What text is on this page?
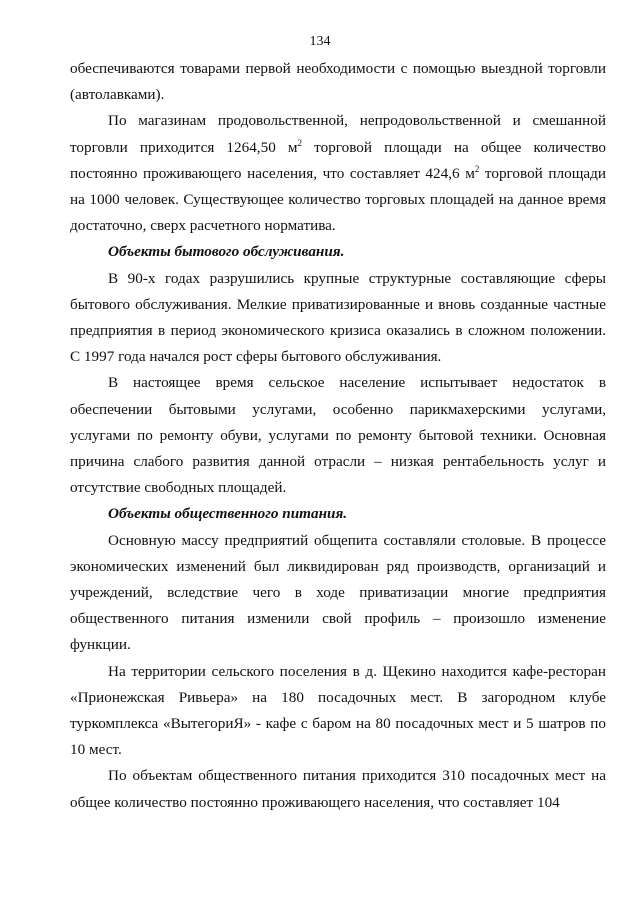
134

обеспечиваются товарами первой необходимости с помощью выездной торговли (автолавками).

По магазинам продовольственной, непродовольственной и смешанной торговли приходится 1264,50 $м^2$ торговой площади на общее количество постоянно проживающего населения, что составляет 424,6 $м^2$ торговой площади на 1000 человек. Существующее количество торговых площадей на данное время достаточно, сверх расчетного норматива.

Объекты бытового обслуживания.

В 90-х годах разрушились крупные структурные составляющие сферы бытового обслуживания. Мелкие приватизированные и вновь созданные частные предприятия в период экономического кризиса оказались в сложном положении. С 1997 года начался рост сферы бытового обслуживания.

В настоящее время сельское население испытывает недостаток в обеспечении бытовыми услугами, особенно парикмахерскими услугами, услугами по ремонту обуви, услугами по ремонту бытовой техники. Основная причина слабого развития данной отрасли – низкая рентабельность услуг и отсутствие свободных площадей.

Объекты общественного питания.

Основную массу предприятий общепита составляли столовые. В процессе экономических изменений был ликвидирован ряд производств, организаций и учреждений, вследствие чего в ходе приватизации многие предприятия общественного питания изменили свой профиль – произошло изменение функции.

На территории сельского поселения в д. Щекино находится кафе-ресторан «Прионежская Ривьера» на 180 посадочных мест. В загородном клубе туркомплекса «ВытегориЯ» - кафе с баром на 80 посадочных мест и 5 шатров по 10 мест.

По объектам общественного питания приходится 310 посадочных мест на общее количество постоянно проживающего населения, что составляет 104
